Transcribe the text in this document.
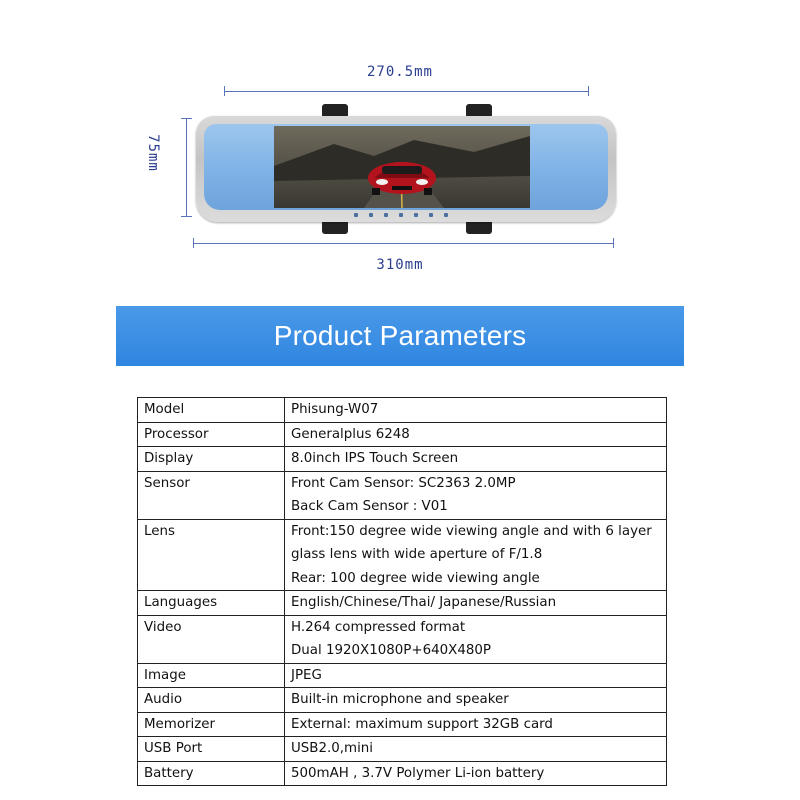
270.5mm
75mm
310mm
Product Parameters
Model	Phisung-W07

Processor	Generalplus 6248

Display	8.0inch IPS Touch Screen

Sensor	Front Cam Sensor: SC2363 2.0MP
Back Cam Sensor : V01

Lens	Front:150 degree wide viewing angle and with 6 layer
glass lens with wide aperture of F/1.8
Rear: 100 degree wide viewing angle

Languages	English/Chinese/Thai/ Japanese/Russian

Video	H.264 compressed format
Dual 1920X1080P+640X480P

Image	JPEG

Audio	Built-in microphone and speaker

Memorizer	External: maximum support 32GB card

USB Port	USB2.0,mini

Battery	500mAH , 3.7V Polymer Li-ion battery
